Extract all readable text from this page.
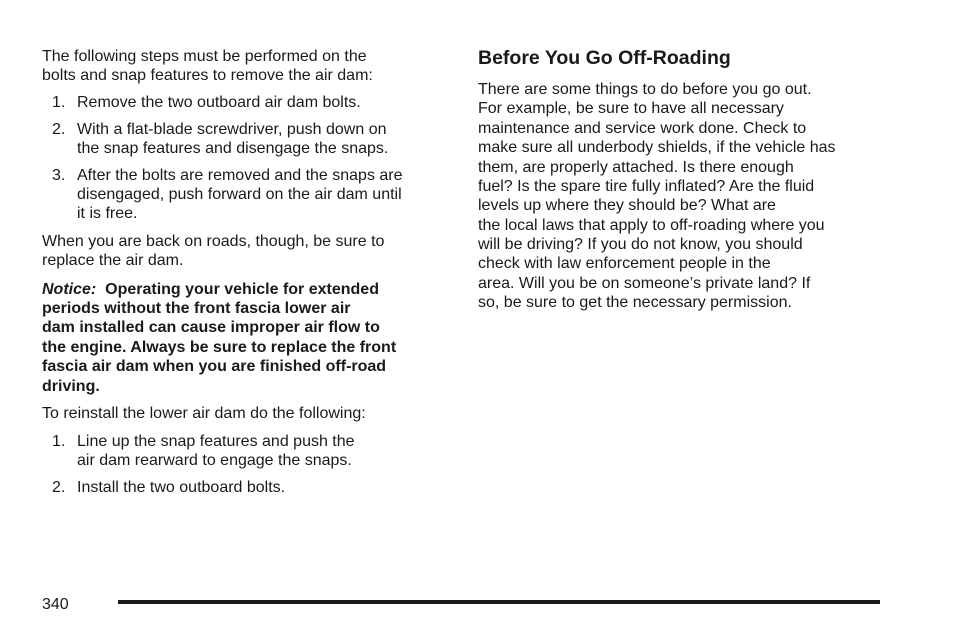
The following steps must be performed on the
bolts and snap features to remove the air dam:
1. Remove the two outboard air dam bolts.
2. With a flat-blade screwdriver, push down on
the snap features and disengage the snaps.
3. After the bolts are removed and the snaps are
disengaged, push forward on the air dam until
it is free.
When you are back on roads, though, be sure to
replace the air dam.
Notice: Operating your vehicle for extended
periods without the front fascia lower air
dam installed can cause improper air flow to
the engine. Always be sure to replace the front
fascia air dam when you are finished off-road
driving.
To reinstall the lower air dam do the following:
1. Line up the snap features and push the
air dam rearward to engage the snaps.
2. Install the two outboard bolts.
Before You Go Off-Roading
There are some things to do before you go out.
For example, be sure to have all necessary
maintenance and service work done. Check to
make sure all underbody shields, if the vehicle has
them, are properly attached. Is there enough
fuel? Is the spare tire fully inflated? Are the fluid
levels up where they should be? What are
the local laws that apply to off-roading where you
will be driving? If you do not know, you should
check with law enforcement people in the
area. Will you be on someone’s private land? If
so, be sure to get the necessary permission.
340
